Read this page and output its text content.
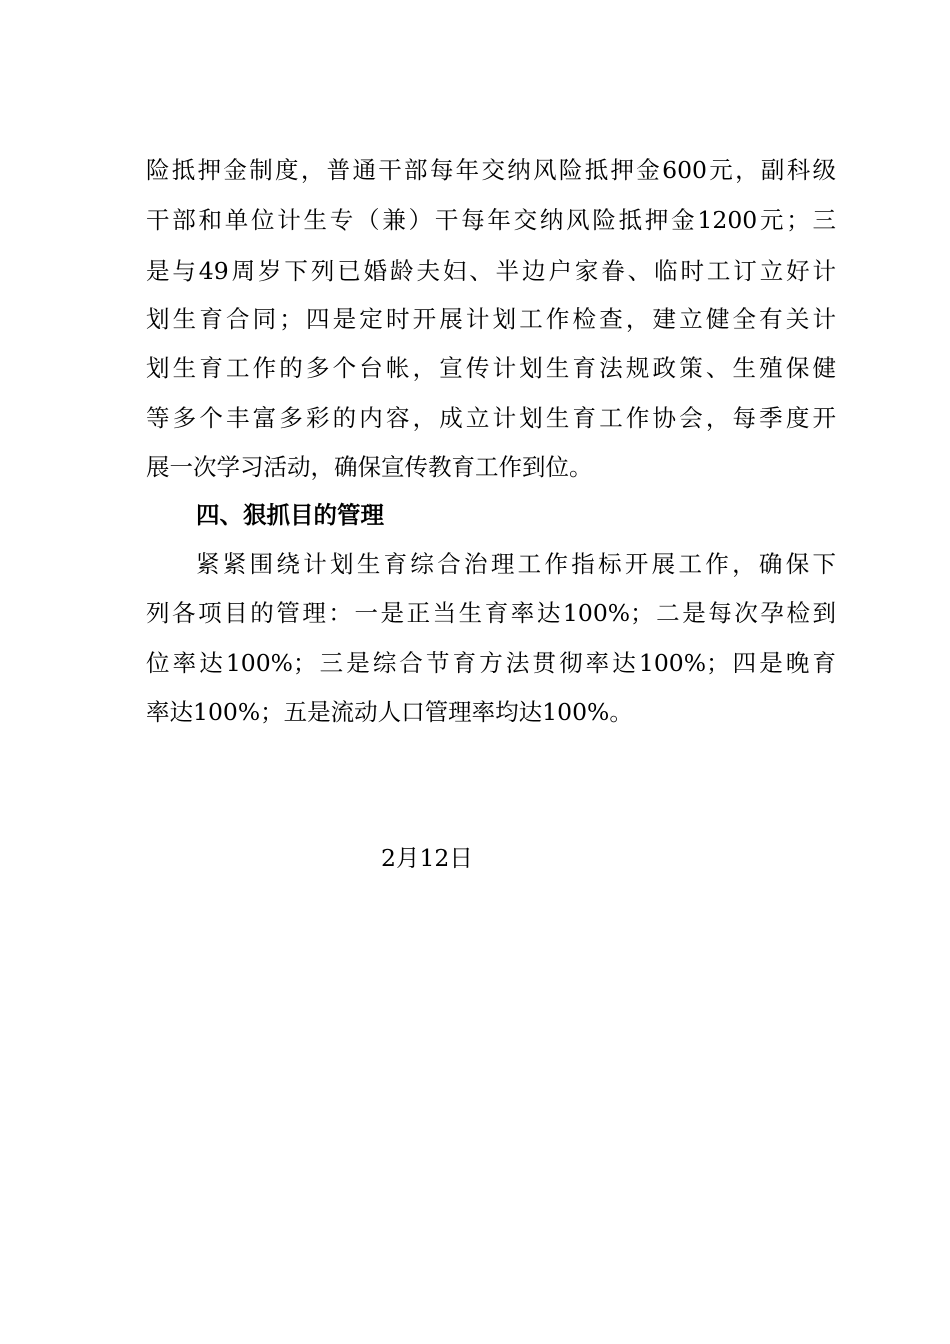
险抵押金制度，普通干部每年交纳风险抵押金600元，副科级
干部和单位计生专（兼）干每年交纳风险抵押金1200元；三
是与49周岁下列已婚龄夫妇、半边户家眷、临时工订立好计
划生育合同；四是定时开展计划工作检查，建立健全有关计
划生育工作的多个台帐，宣传计划生育法规政策、生殖保健
等多个丰富多彩的内容，成立计划生育工作协会，每季度开
展一次学习活动，确保宣传教育工作到位。
四、狠抓目的管理
紧紧围绕计划生育综合治理工作指标开展工作，确保下
列各项目的管理：一是正当生育率达100%；二是每次孕检到
位率达100%；三是综合节育方法贯彻率达100%；四是晚育
率达100%；五是流动人口管理率均达100%。
2月12日
